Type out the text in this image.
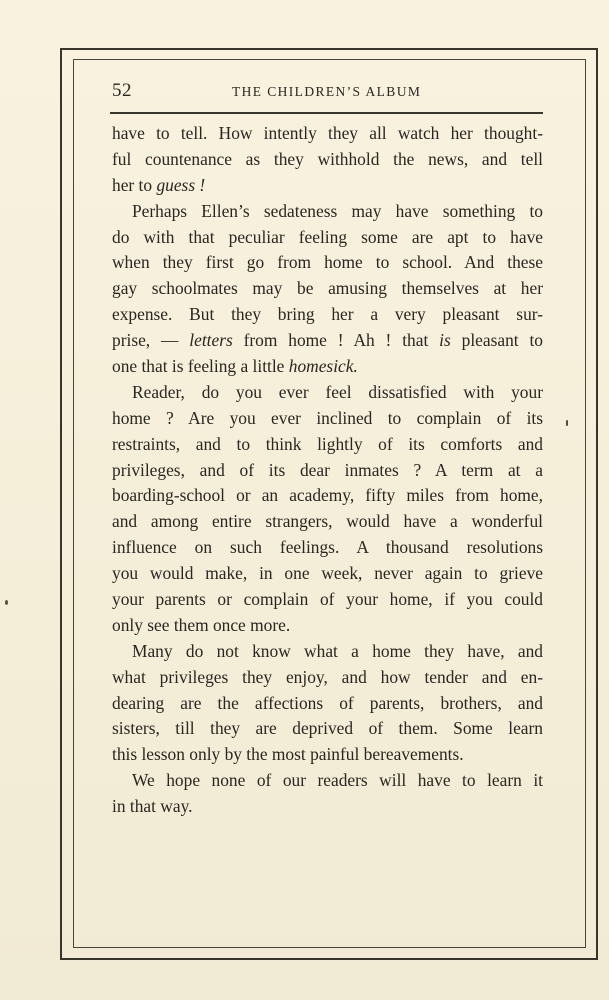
52	THE CHILDREN’S ALBUM
have to tell. How intently they all watch her thought-
ful countenance as they withhold the news, and tell
her to guess !
Perhaps Ellen’s sedateness may have something to
do with that peculiar feeling some are apt to have
when they first go from home to school. And these
gay schoolmates may be amusing themselves at her
expense. But they bring her a very pleasant sur-
prise, — letters from home ! Ah ! that is pleasant to
one that is feeling a little homesick.
Reader, do you ever feel dissatisfied with your
home ? Are you ever inclined to complain of its
restraints, and to think lightly of its comforts and
privileges, and of its dear inmates ? A term at a
boarding-school or an academy, fifty miles from home,
and among entire strangers, would have a wonderful
influence on such feelings. A thousand resolutions
you would make, in one week, never again to grieve
your parents or complain of your home, if you could
only see them once more.
Many do not know what a home they have, and
what privileges they enjoy, and how tender and en-
dearing are the affections of parents, brothers, and
sisters, till they are deprived of them. Some learn
this lesson only by the most painful bereavements.
We hope none of our readers will have to learn it
in that way.
